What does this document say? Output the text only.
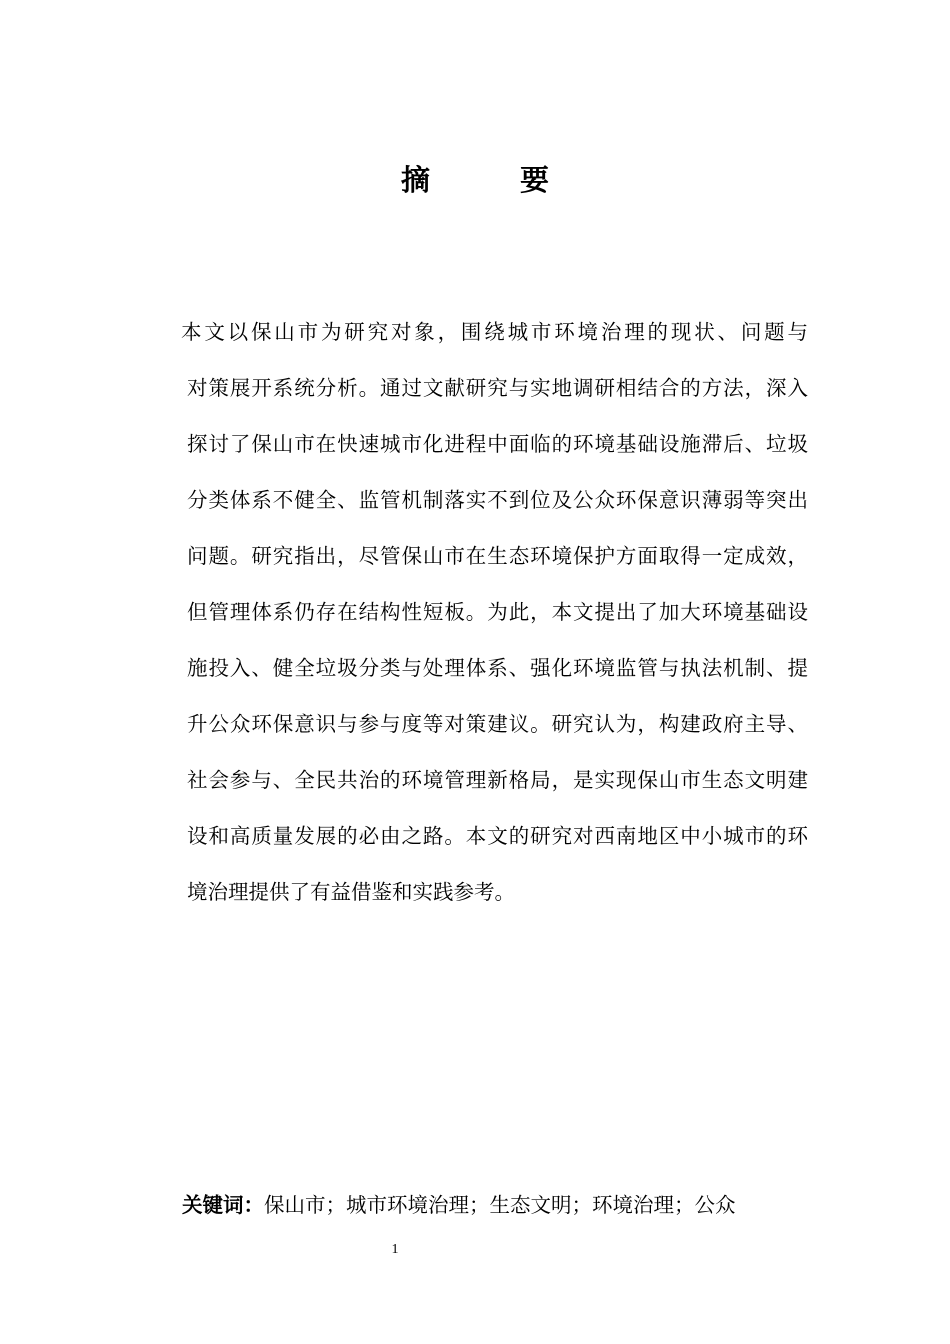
摘 要
本文以保山市为研究对象，围绕城市环境治理的现状、问题与
对策展开系统分析。通过文献研究与实地调研相结合的方法，深入
探讨了保山市在快速城市化进程中面临的环境基础设施滞后、垃圾
分类体系不健全、监管机制落实不到位及公众环保意识薄弱等突出
问题。研究指出，尽管保山市在生态环境保护方面取得一定成效，
但管理体系仍存在结构性短板。为此，本文提出了加大环境基础设
施投入、健全垃圾分类与处理体系、强化环境监管与执法机制、提
升公众环保意识与参与度等对策建议。研究认为，构建政府主导、
社会参与、全民共治的环境管理新格局，是实现保山市生态文明建
设和高质量发展的必由之路。本文的研究对西南地区中小城市的环
境治理提供了有益借鉴和实践参考。
关键词：保山市；城市环境治理；生态文明；环境治理；公众
1
